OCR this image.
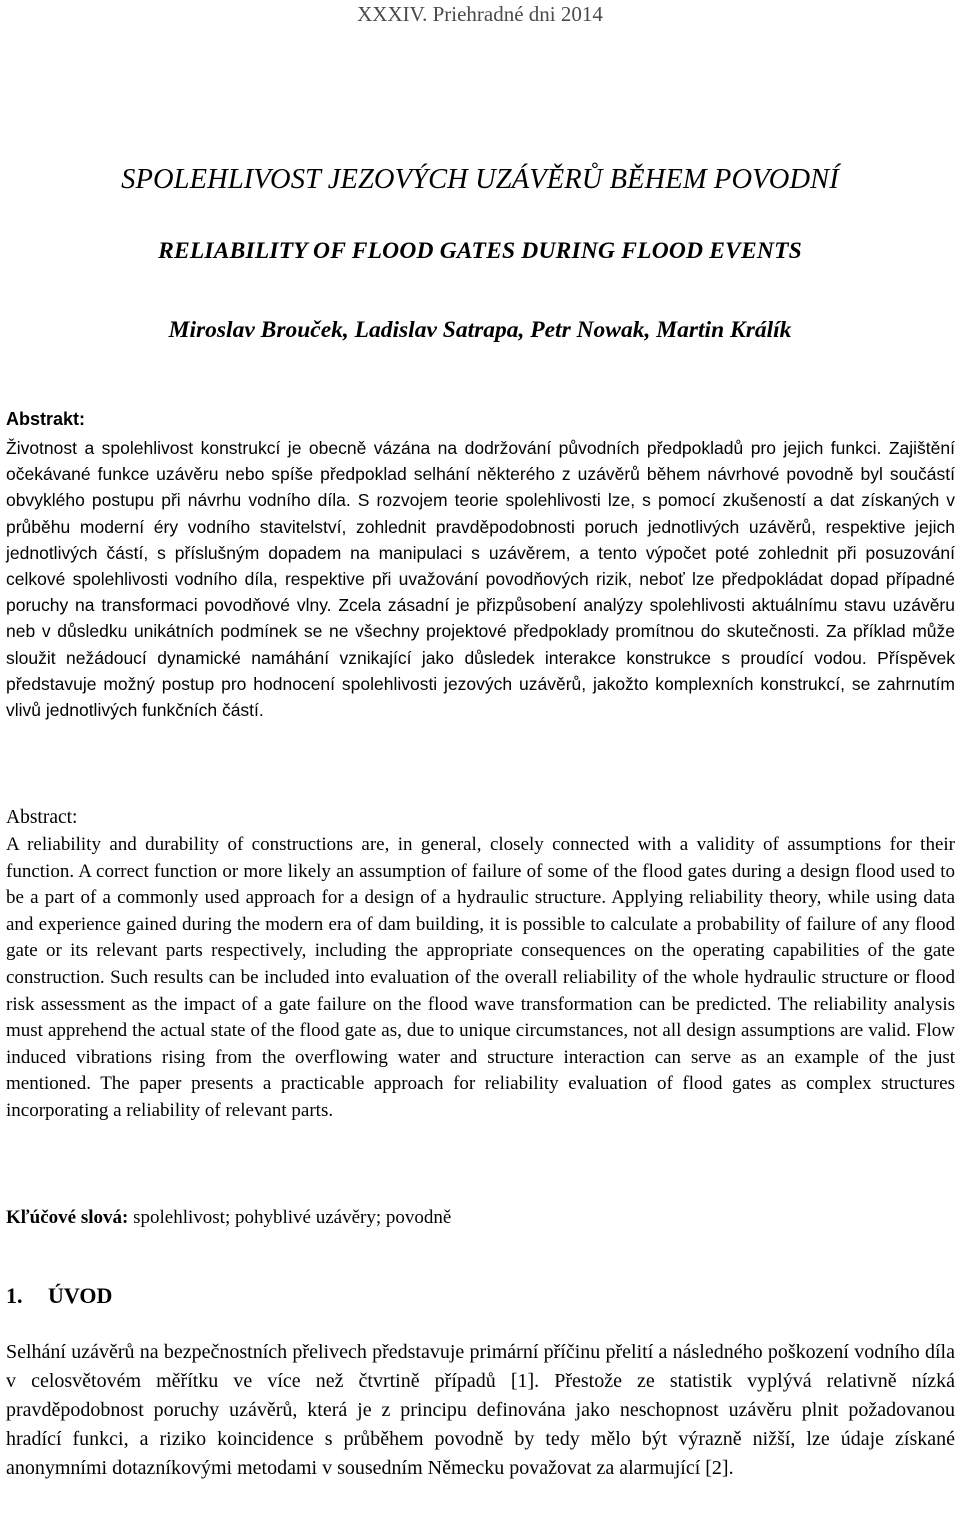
XXXIV. Priehradné dni 2014
SPOLEHLIVOST JEZOVÝCH UZÁVĚRŮ BĚHEM POVODNÍ
RELIABILITY OF FLOOD GATES DURING FLOOD EVENTS
Miroslav Brouček, Ladislav Satrapa, Petr Nowak, Martin Králík
Abstrakt:

Životnost a spolehlivost konstrukcí je obecně vázána na dodržování původních předpokladů pro jejich funkci. Zajištění očekávané funkce uzávěru nebo spíše předpoklad selhání některého z uzávěrů během návrhové povodně byl součástí obvyklého postupu při návrhu vodního díla. S rozvojem teorie spolehlivosti lze, s pomocí zkušeností a dat získaných v průběhu moderní éry vodního stavitelství, zohlednit pravděpodobnosti poruch jednotlivých uzávěrů, respektive jejich jednotlivých částí, s příslušným dopadem na manipulaci s uzávěrem, a tento výpočet poté zohlednit při posuzování celkové spolehlivosti vodního díla, respektive při uvažování povodňových rizik, neboť lze předpokládat dopad případné poruchy na transformaci povodňové vlny. Zcela zásadní je přizpůsobení analýzy spolehlivosti aktuálnímu stavu uzávěru neb v důsledku unikátních podmínek se ne všechny projektové předpoklady promítnou do skutečnosti. Za příklad může sloužit nežádoucí dynamické namáhání vznikající jako důsledek interakce konstrukce s proudící vodou. Příspěvek představuje možný postup pro hodnocení spolehlivosti jezových uzávěrů, jakožto komplexních konstrukcí, se zahrnutím vlivů jednotlivých funkčních částí.

Abstract:

A reliability and durability of constructions are, in general, closely connected with a validity of assumptions for their function. A correct function or more likely an assumption of failure of some of the flood gates during a design flood used to be a part of a commonly used approach for a design of a hydraulic structure. Applying reliability theory, while using data and experience gained during the modern era of dam building, it is possible to calculate a probability of failure of any flood gate or its relevant parts respectively, including the appropriate consequences on the operating capabilities of the gate construction. Such results can be included into evaluation of the overall reliability of the whole hydraulic structure or flood risk assessment as the impact of a gate failure on the flood wave transformation can be predicted. The reliability analysis must apprehend the actual state of the flood gate as, due to unique circumstances, not all design assumptions are valid. Flow induced vibrations rising from the overflowing water and structure interaction can serve as an example of the just mentioned. The paper presents a practicable approach for reliability evaluation of flood gates as complex structures incorporating a reliability of relevant parts.

Kľúčové slová: spolehlivost; pohyblivé uzávěry; povodně
1. ÚVOD

Selhání uzávěrů na bezpečnostních přelivech představuje primární příčinu přelití a následného poškození vodního díla v celosvětovém měřítku ve více než čtvrtině případů [1]. Přestože ze statistik vyplývá relativně nízká pravděpodobnost poruchy uzávěrů, která je z principu definována jako neschopnost uzávěru plnit požadovanou hradící funkci, a riziko koincidence s průběhem povodně by tedy mělo být výrazně nižší, lze údaje získané anonymními dotazníkovými metodami v sousedním Německu považovat za alarmující [2].
